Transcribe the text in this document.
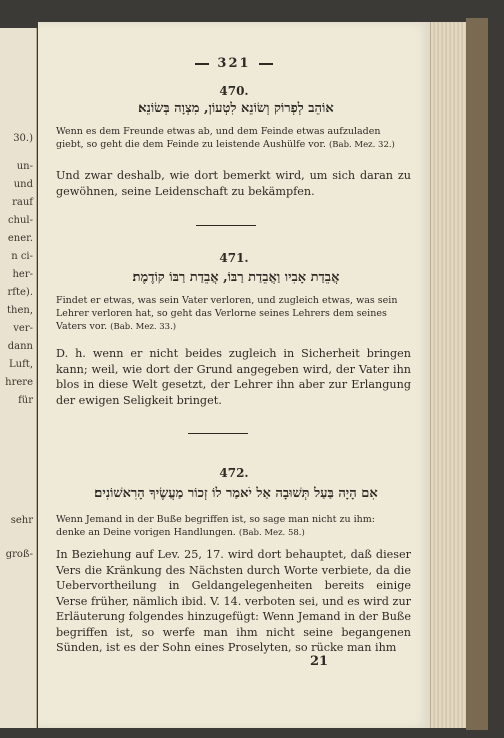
30.)
un-
und
rauf
chul-
ener.
n ci-
her-
rfte).
then,
ver-
dann
Luft,
hrere
für
sehr
groß-
321
470.
אוֹהֵב לְפְרוֹק וְשׂוֹנֵא לִטְעוֹן, מִצְוָה בְּשׂוֹנֵא׃
Wenn es dem Freunde etwas ab, und dem Feinde etwas aufzuladen giebt, so geht die dem Feinde zu leistende Aushülfe vor. (Bab. Mez. 32.)
Und zwar deshalb, wie dort bemerkt wird, um sich daran zu gewöhnen, seine Leidenschaft zu bekämpfen.
471.
אֲבֵדַת אָבִיו וַאֲבֵדַת רַבּוֹ, אֲבֵדַת רַבּוֹ קוֹדֶמֶת׃
Findet er etwas, was sein Vater verloren, und zugleich etwas, was sein Lehrer verloren hat, so geht das Verlorne seines Lehrers dem seines Vaters vor. (Bab. Mez. 33.)
D. h. wenn er nicht beides zugleich in Sicherheit bringen kann; weil, wie dort der Grund angegeben wird, der Vater ihn blos in diese Welt gesetzt, der Lehrer ihn aber zur Erlangung der ewigen Seligkeit bringet.
472.
אִם הָיָה בַּעַל תְּשׁוּבָה אַל יֹאמַר לוֹ זְכוֹר מַעֲשֶׂיךָ הָרִאשׁוֹנִים׃
Wenn Jemand in der Buße begriffen ist, so sage man nicht zu ihm: denke an Deine vorigen Handlungen. (Bab. Mez. 58.)
In Beziehung auf Lev. 25, 17. wird dort behauptet, daß dieser Vers die Kränkung des Nächsten durch Worte verbiete, da die Uebervortheilung in Geldangelegenheiten bereits einige Verse früher, nämlich ibid. V. 14. verboten sei, und es wird zur Erläuterung folgendes hinzugefügt: Wenn Jemand in der Buße begriffen ist, so werfe man ihm nicht seine begangenen Sünden, ist es der Sohn eines Proselyten, so rücke man ihm
21
